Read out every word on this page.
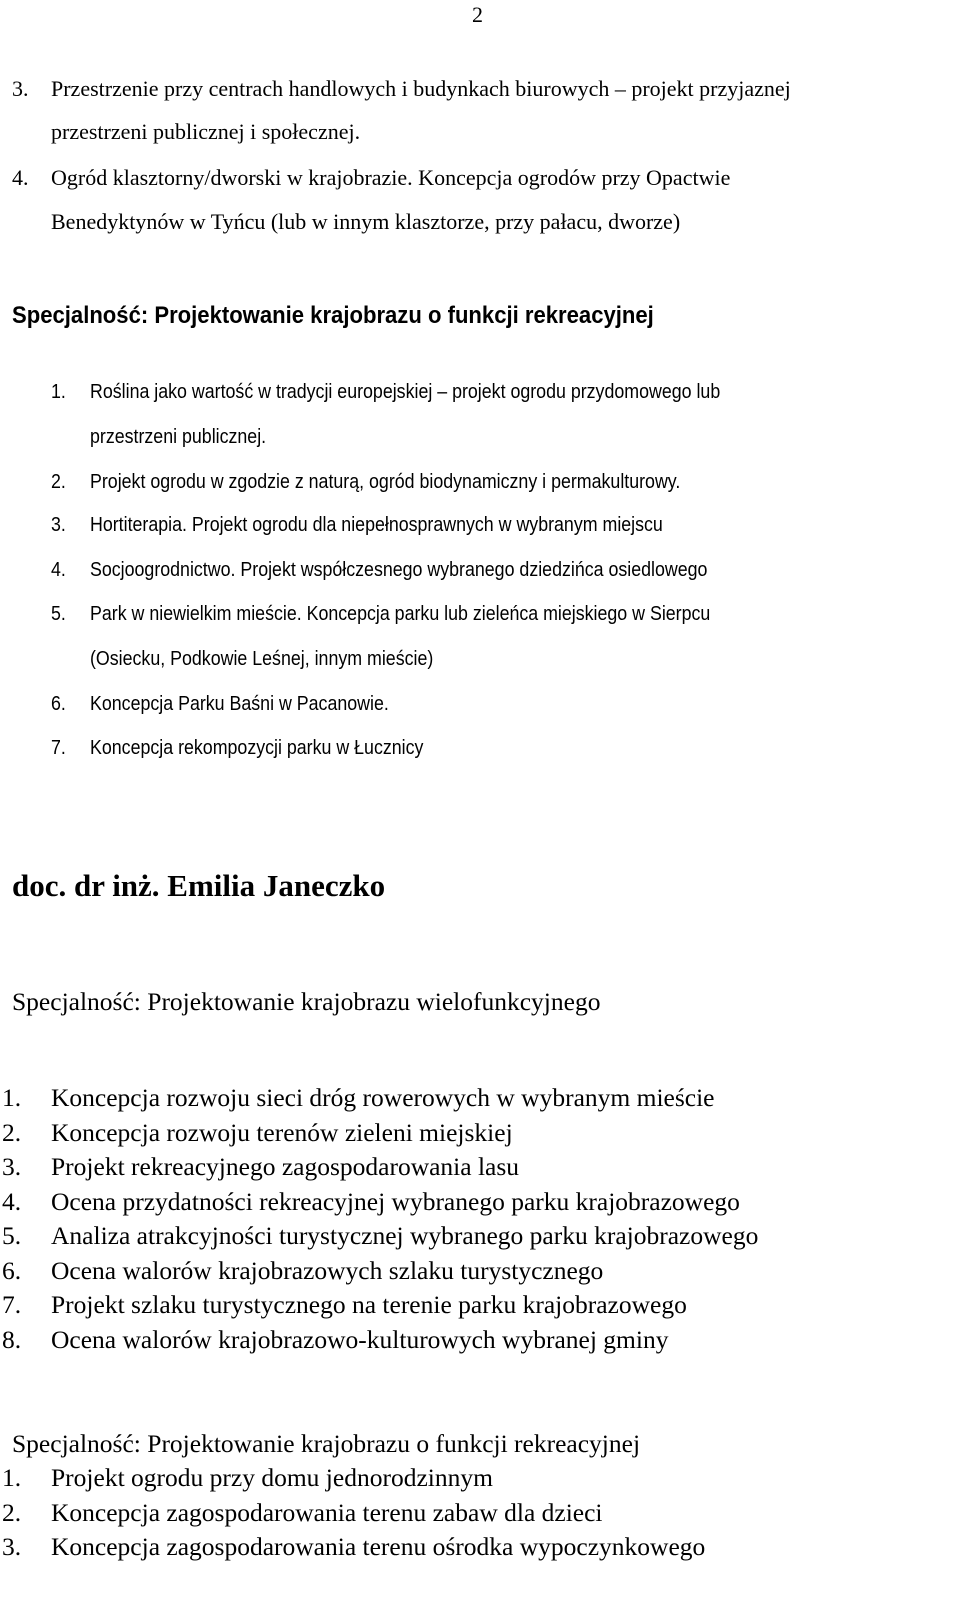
2
3. Przestrzenie przy centrach handlowych i budynkach biurowych – projekt przyjaznej
przestrzeni publicznej i społecznej.
4. Ogród klasztorny/dworski w krajobrazie. Koncepcja ogrodów przy Opactwie
Benedyktynów w Tyńcu (lub w innym klasztorze, przy pałacu, dworze)
Specjalność: Projektowanie krajobrazu o funkcji rekreacyjnej
1. Roślina jako wartość w tradycji europejskiej – projekt ogrodu przydomowego lub
przestrzeni publicznej.
2. Projekt ogrodu w zgodzie z naturą, ogród biodynamiczny i permakulturowy.
3. Hortiterapia. Projekt ogrodu dla niepełnosprawnych w wybranym miejscu
4. Socjoogrodnictwo. Projekt współczesnego wybranego dziedzińca osiedlowego
5. Park w niewielkim mieście. Koncepcja parku lub zieleńca miejskiego w Sierpcu
(Osiecku, Podkowie Leśnej, innym mieście)
6. Koncepcja Parku Baśni w Pacanowie.
7. Koncepcja rekompozycji parku w Łucznicy
doc. dr inż. Emilia Janeczko
Specjalność: Projektowanie krajobrazu wielofunkcyjnego
1. Koncepcja rozwoju sieci dróg rowerowych w wybranym mieście
2. Koncepcja rozwoju terenów zieleni miejskiej
3. Projekt rekreacyjnego zagospodarowania lasu
4. Ocena przydatności rekreacyjnej wybranego parku krajobrazowego
5. Analiza atrakcyjności turystycznej wybranego parku krajobrazowego
6. Ocena walorów krajobrazowych szlaku turystycznego
7. Projekt szlaku turystycznego na terenie parku krajobrazowego
8. Ocena walorów krajobrazowo-kulturowych wybranej gminy
Specjalność: Projektowanie krajobrazu o funkcji rekreacyjnej
1. Projekt ogrodu przy domu jednorodzinnym
2. Koncepcja zagospodarowania terenu zabaw dla dzieci
3. Koncepcja zagospodarowania terenu ośrodka wypoczynkowego
